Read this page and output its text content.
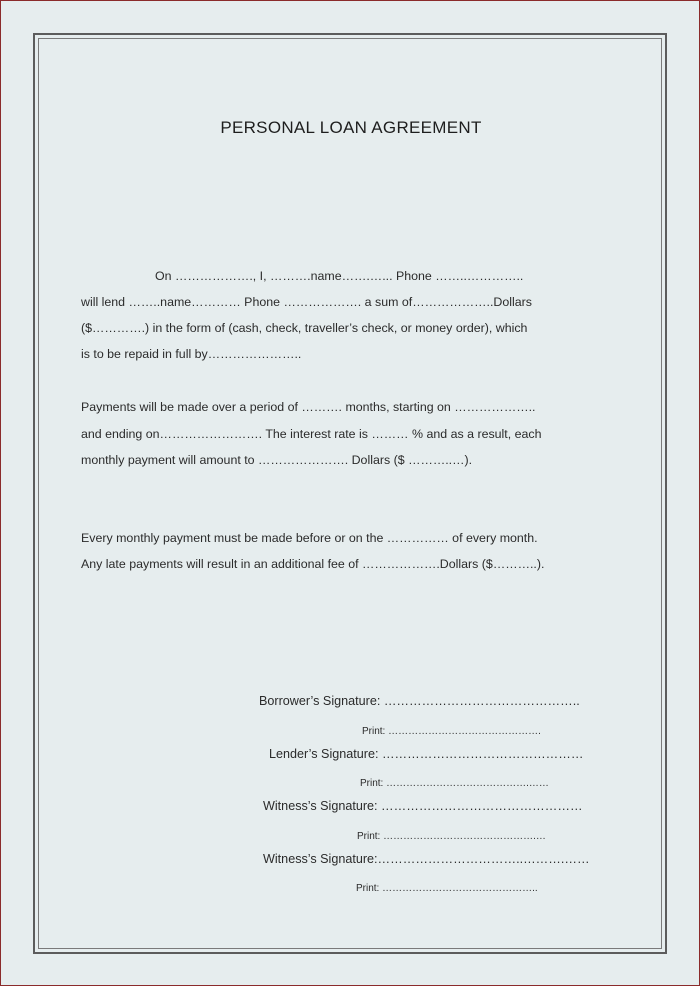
PERSONAL LOAN AGREEMENT
On ………………., I, ……….name…….…... Phone ……..…………..
will lend ……..name………… Phone ………………. a sum of………………..Dollars
($………….) in the form of (cash, check, traveller’s check, or money order), which
is to be repaid in full by…………………..
Payments will be made over a period of ………. months, starting on ………………..
and ending on……………………. The interest rate is ……… % and as a result, each
monthly payment will amount to …………………. Dollars ($ ………..…).
Every monthly payment must be made before or on the …………… of every month.
Any late payments will result in an additional fee of ……………….Dollars ($………..).
Borrower’s Signature: ………………………………………..
Print: ……………………………………….
Lender’s Signature: …………………………………………
Print: …………………………………….……
Witness’s Signature: …………………………………………
Print: ……………………………………….…
Witness’s Signature:……………………………..……….……
Print: ………………………………………..
